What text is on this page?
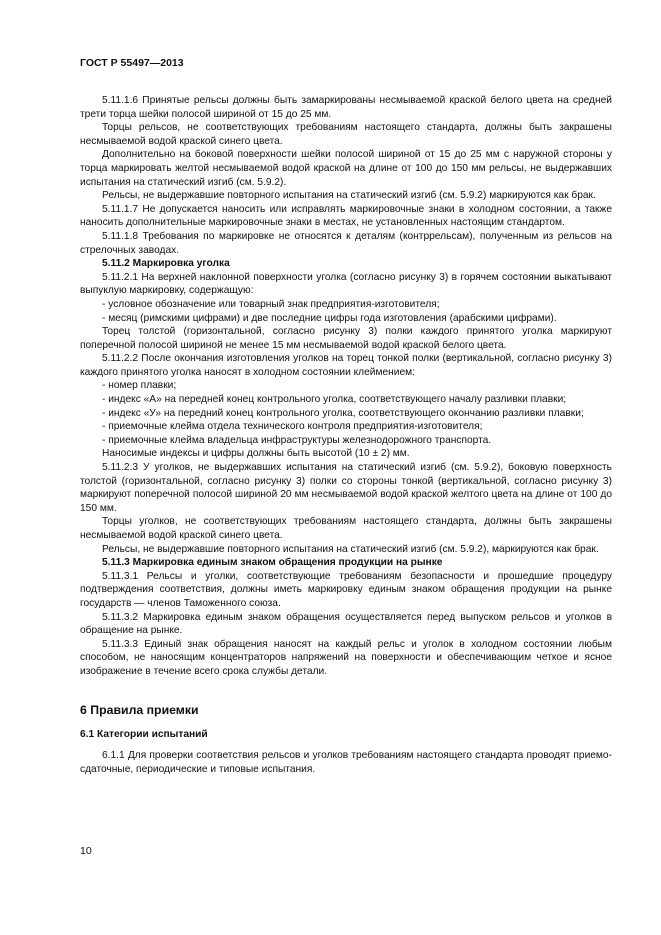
ГОСТ Р 55497—2013

5.11.1.6 Принятые рельсы должны быть замаркированы несмываемой краской белого цвета на средней трети торца шейки полосой шириной от 15 до 25 мм.

Торцы рельсов, не соответствующих требованиям настоящего стандарта, должны быть закрашены несмываемой водой краской синего цвета.

Дополнительно на боковой поверхности шейки полосой шириной от 15 до 25 мм с наружной стороны у торца маркировать желтой несмываемой водой краской на длине от 100 до 150 мм рельсы, не выдержавших испытания на статический изгиб (см. 5.9.2).

Рельсы, не выдержавшие повторного испытания на статический изгиб (см. 5.9.2) маркируются как брак.

5.11.1.7 Не допускается наносить или исправлять маркировочные знаки в холодном состоянии, а также наносить дополнительные маркировочные знаки в местах, не установленных настоящим стандартом.

5.11.1.8 Требования по маркировке не относятся к деталям (контррельсам), полученным из рельсов на стрелочных заводах.

5.11.2 Маркировка уголка

5.11.2.1 На верхней наклонной поверхности уголка (согласно рисунку 3) в горячем состоянии выкатывают выпуклую маркировку, содержащую:

- условное обозначение или товарный знак предприятия-изготовителя;

- месяц (римскими цифрами) и две последние цифры года изготовления (арабскими цифрами).

Торец толстой (горизонтальной, согласно рисунку 3) полки каждого принятого уголка маркируют поперечной полосой шириной не менее 15 мм несмываемой водой краской белого цвета.

5.11.2.2 После окончания изготовления уголков на торец тонкой полки (вертикальной, согласно рисунку 3) каждого принятого уголка наносят в холодном состоянии клеймением:

- номер плавки;

- индекс «А» на передней конец контрольного уголка, соответствующего началу разливки плавки;

- индекс «У» на передний конец контрольного уголка, соответствующего окончанию разливки плавки;

- приемочные клейма отдела технического контроля предприятия-изготовителя;

- приемочные клейма владельца инфраструктуры железнодорожного транспорта.

Наносимые индексы и цифры должны быть высотой (10 ± 2) мм.

5.11.2.3 У уголков, не выдержавших испытания на статический изгиб (см. 5.9.2), боковую поверхность толстой (горизонтальной, согласно рисунку 3) полки со стороны тонкой (вертикальной, согласно рисунку 3) маркируют поперечной полосой шириной 20 мм несмываемой водой краской желтого цвета на длине от 100 до 150 мм.

Торцы уголков, не соответствующих требованиям настоящего стандарта, должны быть закрашены несмываемой водой краской синего цвета.

Рельсы, не выдержавшие повторного испытания на статический изгиб (см. 5.9.2), маркируются как брак.

5.11.3 Маркировка единым знаком обращения продукции на рынке

5.11.3.1 Рельсы и уголки, соответствующие требованиям безопасности и прошедшие процедуру подтверждения соответствия, должны иметь маркировку единым знаком обращения продукции на рынке государств — членов Таможенного союза.

5.11.3.2 Маркировка единым знаком обращения осуществляется перед выпуском рельсов и уголков в обращение на рынке.

5.11.3.3 Единый знак обращения наносят на каждый рельс и уголок в холодном состоянии любым способом, не наносящим концентраторов напряжений на поверхности и обеспечивающим четкое и ясное изображение в течение всего срока службы детали.

6 Правила приемки
6.1 Категории испытаний

6.1.1 Для проверки соответствия рельсов и уголков требованиям настоящего стандарта проводят приемо-сдаточные, периодические и типовые испытания.

10
